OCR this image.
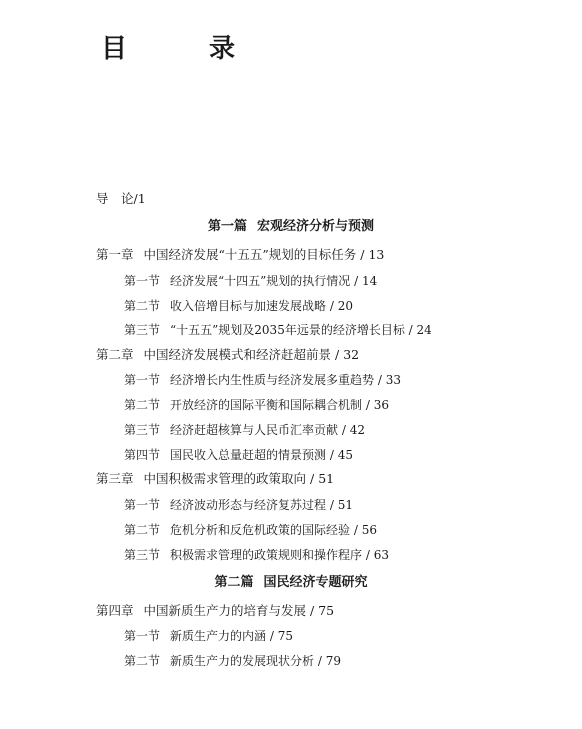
目　录
导　论/1
第一篇 宏观经济分析与预测
第一章 中国经济发展“十五五”规划的目标任务 / 13
第一节 经济发展“十四五”规划的执行情况 / 14
第二节 收入倍增目标与加速发展战略 / 20
第三节 “十五五”规划及2035年远景的经济增长目标 / 24
第二章 中国经济发展模式和经济赶超前景 / 32
第一节 经济增长内生性质与经济发展多重趋势 / 33
第二节 开放经济的国际平衡和国际耦合机制 / 36
第三节 经济赶超核算与人民币汇率贡献 / 42
第四节 国民收入总量赶超的情景预测 / 45
第三章 中国积极需求管理的政策取向 / 51
第一节 经济波动形态与经济复苏过程 / 51
第二节 危机分析和反危机政策的国际经验 / 56
第三节 积极需求管理的政策规则和操作程序 / 63
第二篇 国民经济专题研究
第四章 中国新质生产力的培育与发展 / 75
第一节 新质生产力的内涵 / 75
第二节 新质生产力的发展现状分析 / 79
